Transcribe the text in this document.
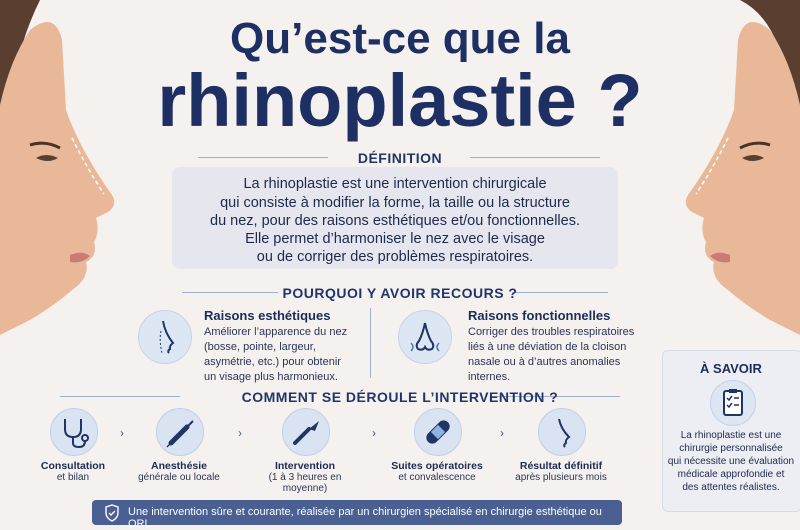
Qu’est-ce que la
rhinoplastie ?
DÉFINITION
La rhinoplastie est une intervention chirurgicale
qui consiste à modifier la forme, la taille ou la structure
du nez, pour des raisons esthétiques et/ou fonctionnelles.
Elle permet d’harmoniser le nez avec le visage
ou de corriger des problèmes respiratoires.
POURQUOI Y AVOIR RECOURS ?
Raisons esthétiques
Améliorer l’apparence du nez
(bosse, pointe, largeur,
asymétrie, etc.) pour obtenir
un visage plus harmonieux.
Raisons fonctionnelles
Corriger des troubles respiratoires
liés à une déviation de la cloison
nasale ou à d’autres anomalies
internes.
COMMENT SE DÉROULE L’INTERVENTION ?
Consultation
et bilan
›
Anesthésie
générale ou locale
›
Intervention
(1 à 3 heures en moyenne)
›
Suites opératoires
et convalescence
›
Résultat définitif
après plusieurs mois
À SAVOIR
La rhinoplastie est une
chirurgie personnalisée
qui nécessite une évaluation
médicale approfondie et
des attentes réalistes.
Une intervention sûre et courante, réalisée par un chirurgien spécialisé en chirurgie esthétique ou ORL.
